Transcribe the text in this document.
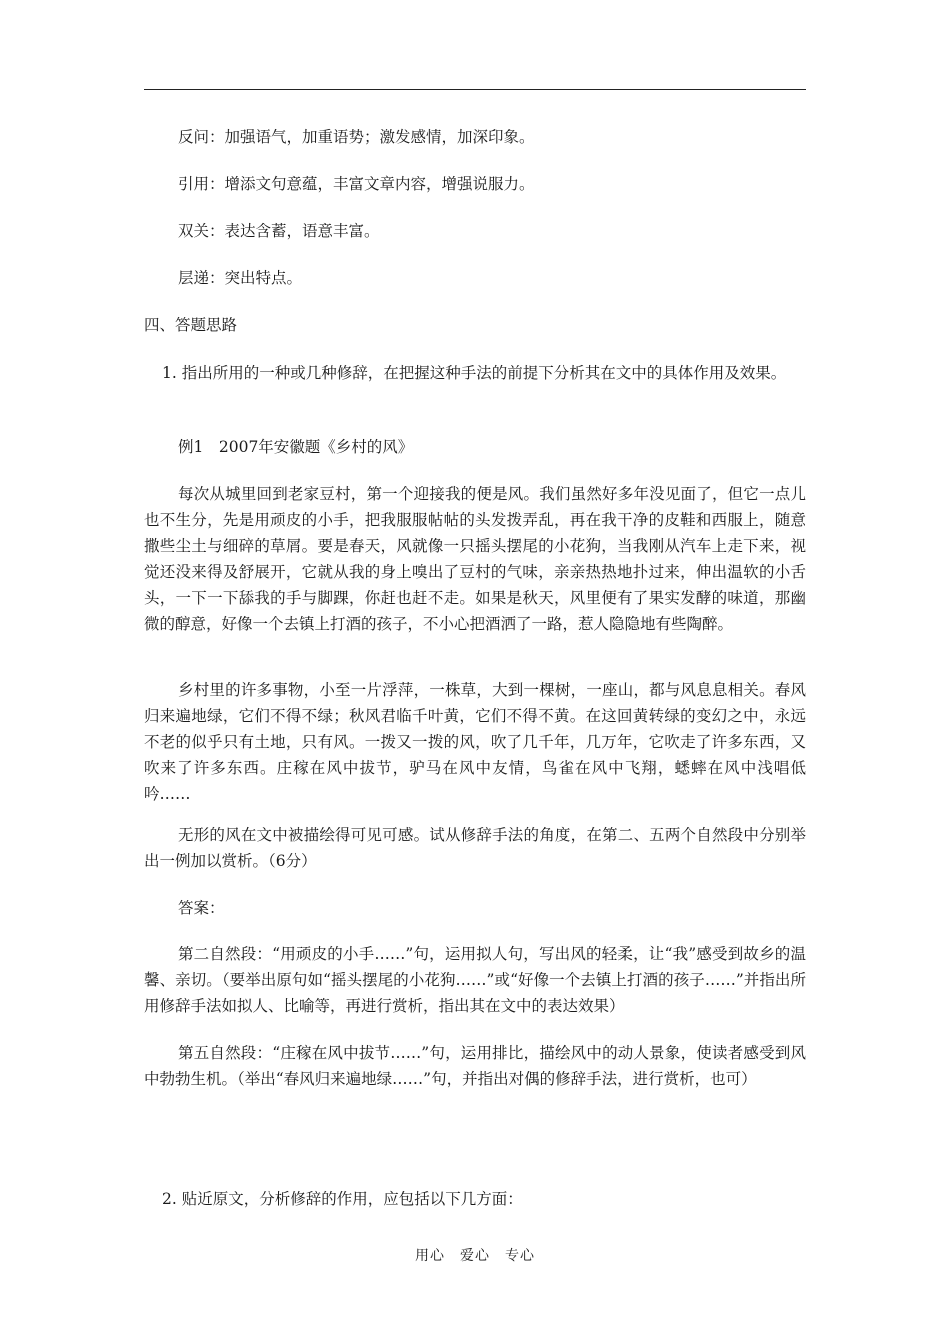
反问：加强语气，加重语势；激发感情，加深印象。

引用：增添文句意蕴，丰富文章内容，增强说服力。

双关：表达含蓄，语意丰富。

层递：突出特点。

四、答题思路

1. 指出所用的一种或几种修辞，在把握这种手法的前提下分析其在文中的具体作用及效果。

例1　2007年安徽题《乡村的风》

每次从城里回到老家豆村，第一个迎接我的便是风。我们虽然好多年没见面了，但它一点儿也不生分，先是用顽皮的小手，把我服服帖帖的头发拨弄乱，再在我干净的皮鞋和西服上，随意撒些尘土与细碎的草屑。要是春天，风就像一只摇头摆尾的小花狗，当我刚从汽车上走下来，视觉还没来得及舒展开，它就从我的身上嗅出了豆村的气味，亲亲热热地扑过来，伸出温软的小舌头，一下一下舔我的手与脚踝，你赶也赶不走。如果是秋天，风里便有了果实发酵的味道，那幽微的醇意，好像一个去镇上打酒的孩子，不小心把酒洒了一路，惹人隐隐地有些陶醉。

乡村里的许多事物，小至一片浮萍，一株草，大到一棵树，一座山，都与风息息相关。春风归来遍地绿，它们不得不绿；秋风君临千叶黄，它们不得不黄。在这回黄转绿的变幻之中，永远不老的似乎只有土地，只有风。一拨又一拨的风，吹了几千年，几万年，它吹走了许多东西，又吹来了许多东西。庄稼在风中拔节，驴马在风中友情，鸟雀在风中飞翔，蟋蟀在风中浅唱低吟……

无形的风在文中被描绘得可见可感。试从修辞手法的角度，在第二、五两个自然段中分别举出一例加以赏析。（6分）

答案：

第二自然段：“用顽皮的小手……”句，运用拟人句，写出风的轻柔，让“我”感受到故乡的温馨、亲切。（要举出原句如“摇头摆尾的小花狗……”或“好像一个去镇上打酒的孩子……”并指出所用修辞手法如拟人、比喻等，再进行赏析，指出其在文中的表达效果）

第五自然段：“庄稼在风中拔节……”句，运用排比，描绘风中的动人景象，使读者感受到风中勃勃生机。（举出“春风归来遍地绿……”句，并指出对偶的修辞手法，进行赏析，也可）

2. 贴近原文，分析修辞的作用，应包括以下几方面：

用心　爱心　专心
